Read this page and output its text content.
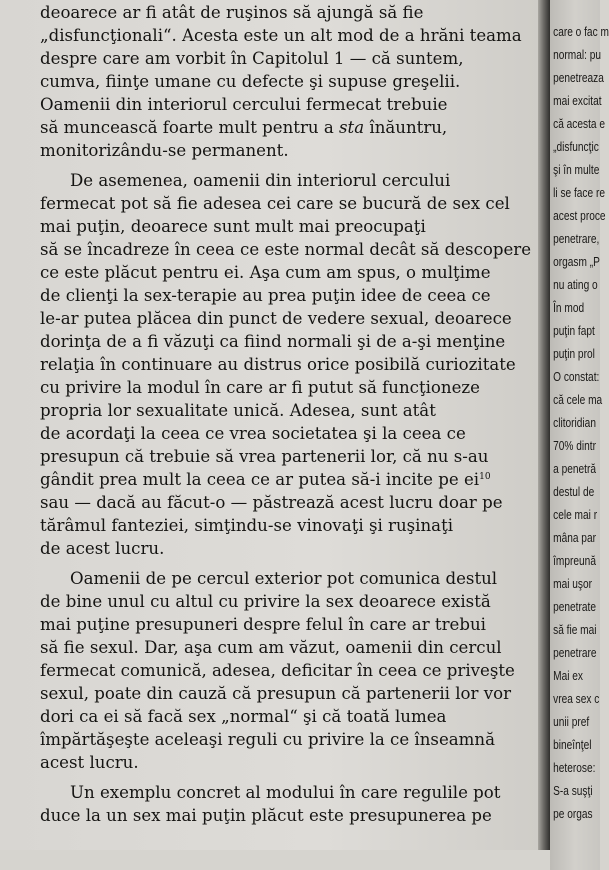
deoarece ar fi atât de ruşinos să ajungă să fie
„disfuncţionali“. Acesta este un alt mod de a hrăni teama
despre care am vorbit în Capitolul 1 — că suntem,
cumva, fiinţe umane cu defecte şi supuse greşelii.
Oamenii din interiorul cercului fermecat trebuie
să muncească foarte mult pentru a sta înăuntru,
monitorizându-se permanent.

De asemenea, oamenii din interiorul cercului
fermecat pot să fie adesea cei care se bucură de sex cel
mai puţin, deoarece sunt mult mai preocupaţi
să se încadreze în ceea ce este normal decât să descopere
ce este plăcut pentru ei. Aşa cum am spus, o mulţime
de clienţi la sex-terapie au prea puţin idee de ceea ce
le-ar putea plăcea din punct de vedere sexual, deoarece
dorinţa de a fi văzuţi ca fiind normali şi de a-şi menţine
relaţia în continuare au distrus orice posibilă curiozitate
cu privire la modul în care ar fi putut să funcţioneze
propria lor sexualitate unică. Adesea, sunt atât
de acordaţi la ceea ce vrea societatea şi la ceea ce
presupun că trebuie să vrea partenerii lor, că nu s-au
gândit prea mult la ceea ce ar putea să-i incite pe $ei^{10}$
sau — dacă au făcut-o — păstrează acest lucru doar pe
tărâmul fanteziei, simţindu-se vinovaţi şi ruşinaţi
de acest lucru.

Oamenii de pe cercul exterior pot comunica destul
de bine unul cu altul cu privire la sex deoarece există
mai puţine presupuneri despre felul în care ar trebui
să fie sexul. Dar, aşa cum am văzut, oamenii din cercul
fermecat comunică, adesea, deficitar în ceea ce priveşte
sexul, poate din cauză că presupun că partenerii lor vor
dori ca ei să facă sex „normal“ şi că toată lumea
împărtăşeşte aceleaşi reguli cu privire la ce înseamnă
acest lucru.

Un exemplu concret al modului în care regulile pot
duce la un sex mai puţin plăcut este presupunerea pe

care o fac m
normal: pu
penetreaza
mai excitat
că acesta e
„disfuncţic
şi în multe
li se face re
acest proce
penetrare,
orgasm „P
nu ating o
În mod
puţin fapt
puţin prol
O constat:
că cele ma
clitoridian
70% dintr
a penetră
destul de
cele mai r
mâna par
împreună
mai uşor
penetrate
să fie mai
penetrare
Mai ex
vrea sex c
unii pref
bineînţel
heterose:
S-a suşţi
pe orgas
